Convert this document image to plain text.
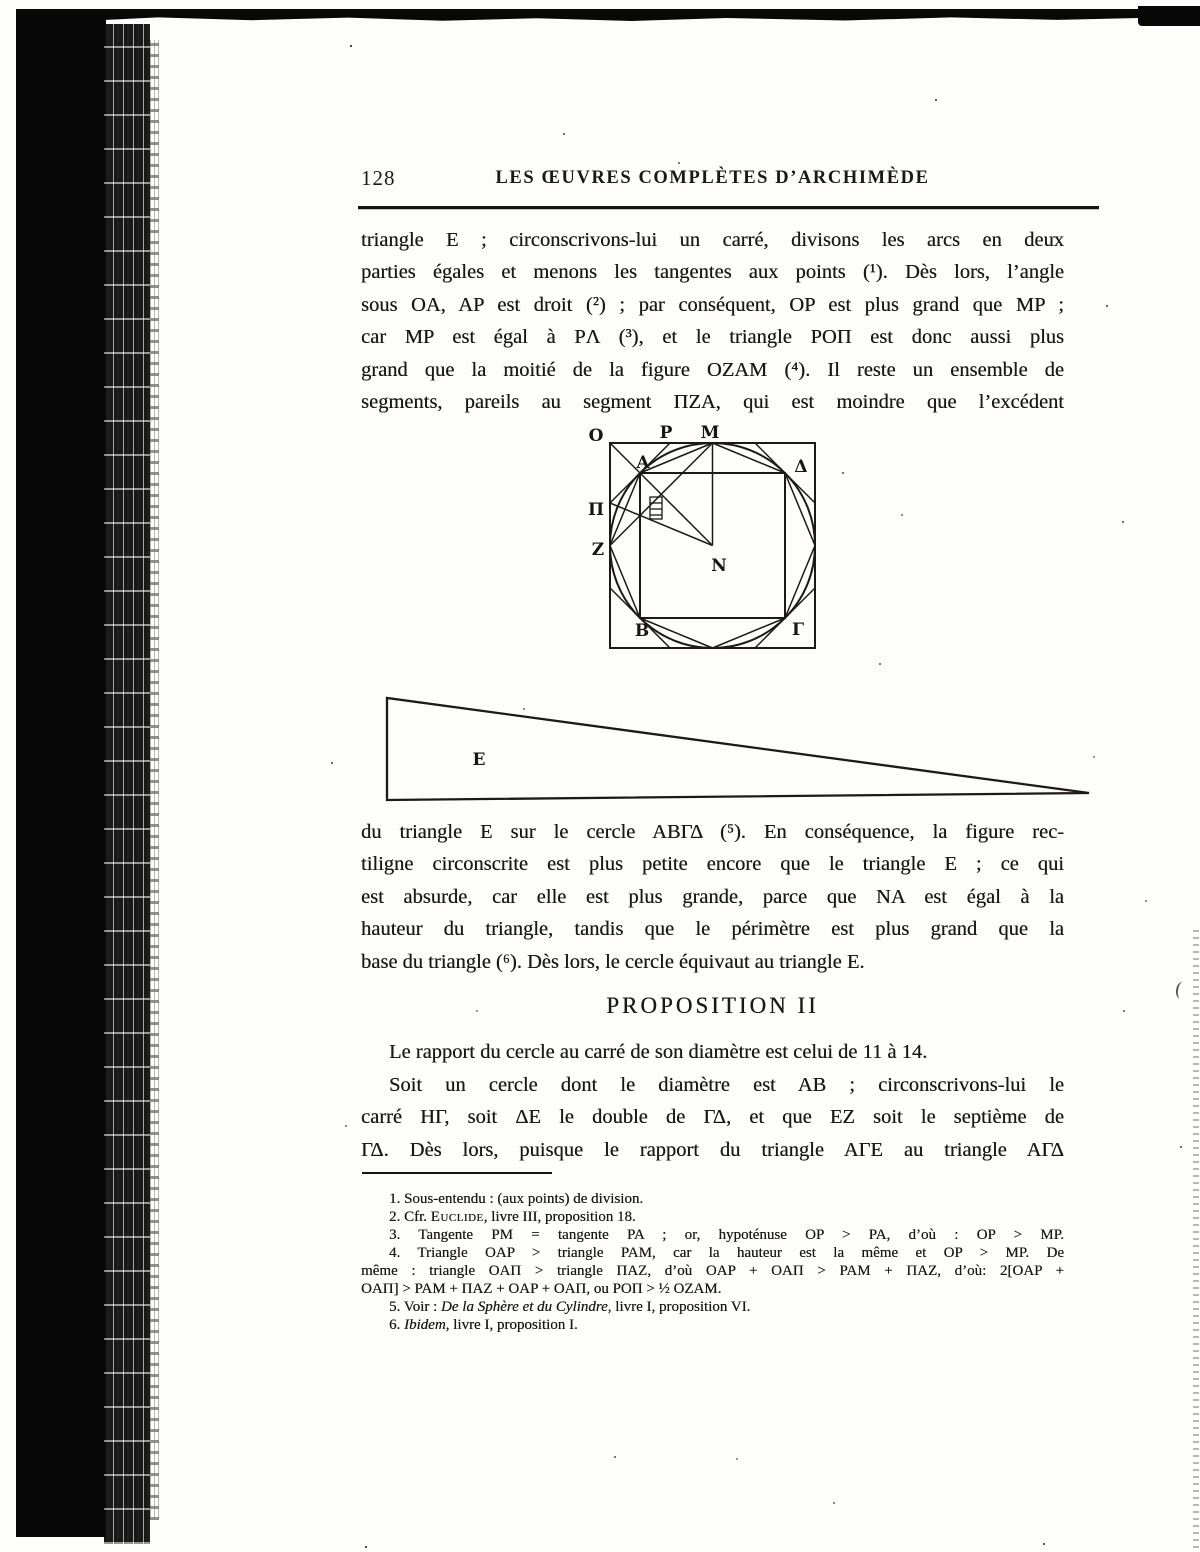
128	LES ŒUVRES COMPLÈTES D’ARCHIMÈDE
triangle E ; circonscrivons-lui un carré, divisons les arcs en deux
parties égales et menons les tangentes aux points (¹). Dès lors, l’angle
sous OA, AP est droit (²) ; par conséquent, OP est plus grand que MP ;
car MP est égal à PΛ (³), et le triangle POΠ est donc aussi plus
grand que la moitié de la figure OZAM (⁴). Il reste un ensemble de
segments, pareils au segment ΠZA, qui est moindre que l’excédent
O	P M
Δ
A
Π
Z
N
B	Γ
E
du triangle E sur le cercle ABΓΔ (⁵). En conséquence, la figure rec-
tiligne circonscrite est plus petite encore que le triangle E ; ce qui
est absurde, car elle est plus grande, parce que NA est égal à la
hauteur du triangle, tandis que le périmètre est plus grand que la
base du triangle (⁶). Dès lors, le cercle équivaut au triangle E.
PROPOSITION II
Le rapport du cercle au carré de son diamètre est celui de 11 à 14.
Soit un cercle dont le diamètre est AB ; circonscrivons-lui le
carré HΓ, soit ΔE le double de ΓΔ, et que EZ soit le septième de
ΓΔ. Dès lors, puisque le rapport du triangle AΓE au triangle AΓΔ
1. Sous-entendu : (aux points) de division.
2. Cfr. Euclide, livre III, proposition 18.
3. Tangente PM = tangente PA ; or, hypoténuse OP > PA, d’où : OP > MP.
4. Triangle OAP > triangle PAM, car la hauteur est la même et OP > MP. De
même : triangle OAΠ > triangle ΠAZ, d’où OAP + OAΠ > PAM + ΠAZ, d’où: 2[OAP +
OAΠ] > PAM + ΠAZ + OAP + OAΠ, ou POΠ > ½ OZAM.
5. Voir : De la Sphère et du Cylindre, livre I, proposition VI.
6. Ibidem, livre I, proposition I.
